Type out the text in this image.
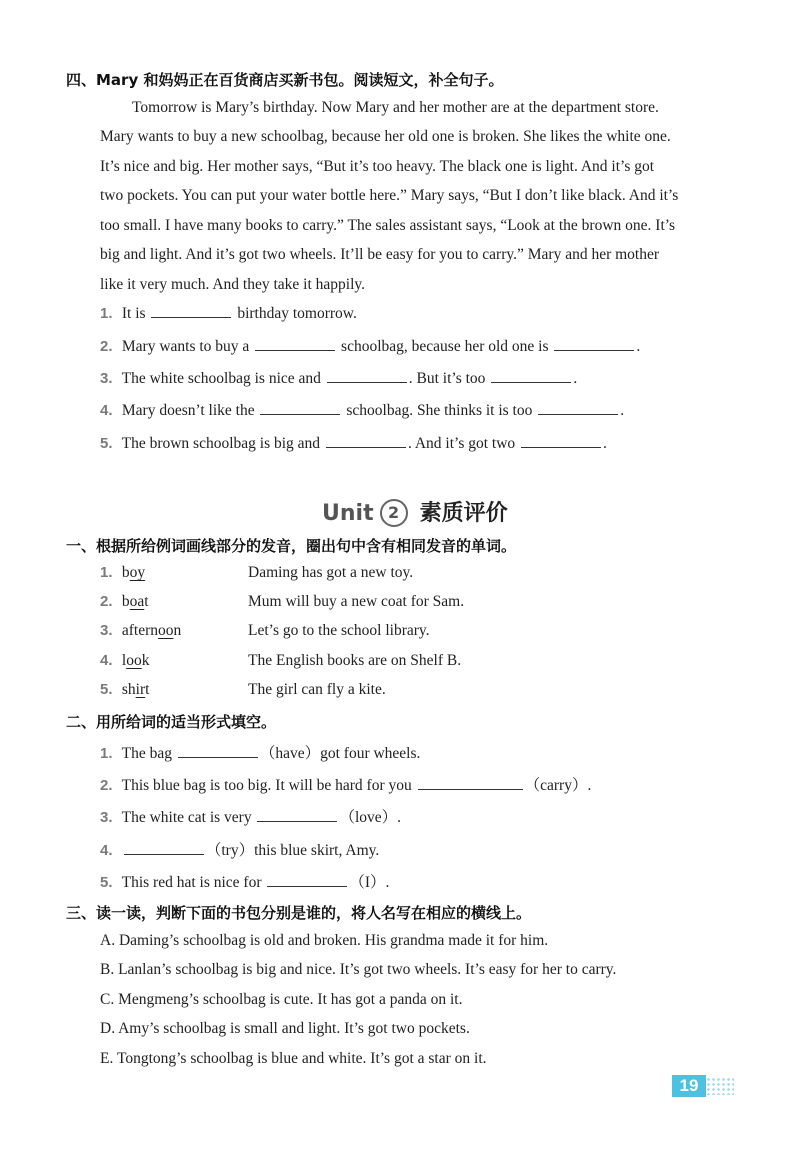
四、Mary 和妈妈正在百货商店买新书包。阅读短文，补全句子。
Tomorrow is Mary’s birthday. Now Mary and her mother are at the department store.
Mary wants to buy a new schoolbag, because her old one is broken. She likes the white one.
It’s nice and big. Her mother says, “But it’s too heavy. The black one is light. And it’s got
two pockets. You can put your water bottle here.” Mary says, “But I don’t like black. And it’s
too small. I have many books to carry.” The sales assistant says, “Look at the brown one. It’s
big and light. And it’s got two wheels. It’ll be easy for you to carry.” Mary and her mother
like it very much. And they take it happily.
1. It is	birthday tomorrow.
2. Mary wants to buy a	schoolbag, because her old one is	.
3. The white schoolbag is nice and	. But it’s too	.
4. Mary doesn’t like the	schoolbag. She thinks it is too	.
5. The brown schoolbag is big and	. And it’s got two	.
Unit 2 素质评价
一、根据所给例词画线部分的发音，圈出句中含有相同发音的单词。
1. boy	Daming has got a new toy.
2. boat	Mum will buy a new coat for Sam.
3. afternoon	Let’s go to the school library.
4. look	The English books are on Shelf B.
5. shirt	The girl can fly a kite.
二、用所给词的适当形式填空。
1. The bag	（have）got four wheels.
2. This blue bag is too big. It will be hard for you	（carry）.
3. The white cat is very	（love）.
4.	（try）this blue skirt, Amy.
5. This red hat is nice for	（I）.
三、读一读，判断下面的书包分别是谁的，将人名写在相应的横线上。
A. Daming’s schoolbag is old and broken. His grandma made it for him.
B. Lanlan’s schoolbag is big and nice. It’s got two wheels. It’s easy for her to carry.
C. Mengmeng’s schoolbag is cute. It has got a panda on it.
D. Amy’s schoolbag is small and light. It’s got two pockets.
E. Tongtong’s schoolbag is blue and white. It’s got a star on it.
19
